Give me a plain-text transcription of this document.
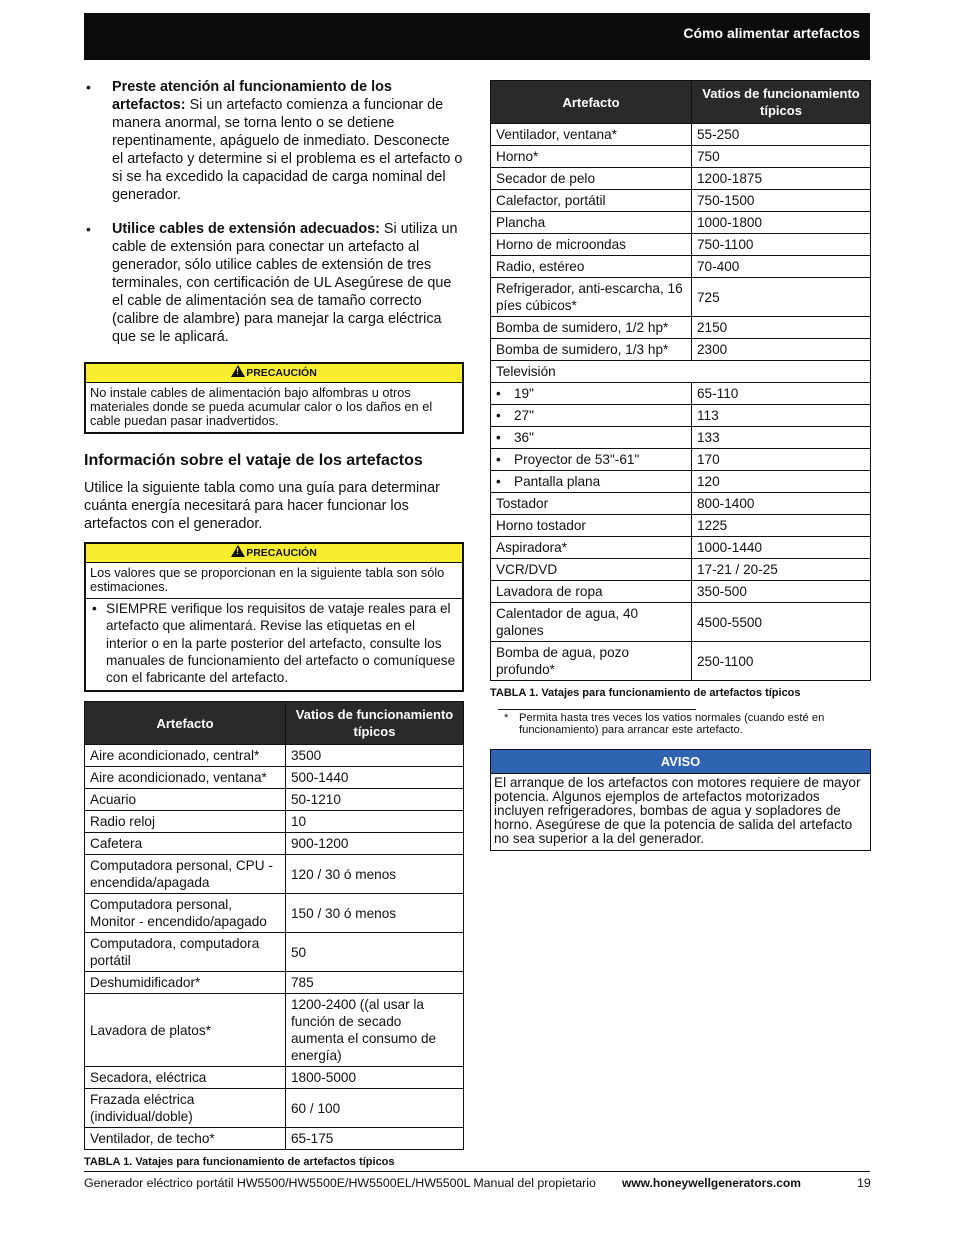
Cómo alimentar artefactos
• Preste atención al funcionamiento de los artefactos: Si un artefacto comienza a funcionar de manera anormal, se torna lento o se detiene repentinamente, apáguelo de inmediato. Desconecte el artefacto y determine si el problema es el artefacto o si se ha excedido la capacidad de carga nominal del generador.
• Utilice cables de extensión adecuados: Si utiliza un cable de extensión para conectar un artefacto al generador, sólo utilice cables de extensión de tres terminales, con certificación de UL Asegúrese de que el cable de alimentación sea de tamaño correcto (calibre de alambre) para manejar la carga eléctrica que se le aplicará.
!PRECAUCIÓN
No instale cables de alimentación bajo alfombras u otros materiales donde se pueda acumular calor o los daños en el cable puedan pasar inadvertidos.
Información sobre el vataje de los artefactos

Utilice la siguiente tabla como una guía para determinar cuánta energía necesitará para hacer funcionar los artefactos con el generador.

!PRECAUCIÓN
Los valores que se proporcionan en la siguiente tabla son sólo estimaciones.
• SIEMPRE verifique los requisitos de vataje reales para el artefacto que alimentará. Revise las etiquetas en el interior o en la parte posterior del artefacto, consulte los manuales de funcionamiento del artefacto o comuníquese con el fabricante del artefacto.
Artefacto	Vatios de funcionamiento típicos
Aire acondicionado, central*	3500
Aire acondicionado, ventana*	500-1440
Acuario	50-1210
Radio reloj	10
Cafetera	900-1200
Computadora personal, CPU - encendida/apagada	120 / 30 ó menos
Computadora personal, Monitor - encendido/apagado	150 / 30 ó menos
Computadora, computadora portátil	50
Deshumidificador*	785
Lavadora de platos*	1200-2400 ((al usar la función de secado aumenta el consumo de energía)
Secadora, eléctrica	1800-5000
Frazada eléctrica (individual/doble)	60 / 100
Ventilador, de techo*	65-175
TABLA 1. Vatajes para funcionamiento de artefactos típicos
Artefacto	Vatios de funcionamiento típicos
Ventilador, ventana*	55-250
Horno*	750
Secador de pelo	1200-1875
Calefactor, portátil	750-1500
Plancha	1000-1800
Horno de microondas	750-1100
Radio, estéreo	70-400
Refrigerador, anti-escarcha, 16 píes cúbicos*	725
Bomba de sumidero, 1/2 hp*	2150
Bomba de sumidero, 1/3 hp*	2300
Televisión	
• 19"	65-110
• 27"	113
• 36"	133
• Proyector de 53"-61"	170
• Pantalla plana	120
Tostador	800-1400
Horno tostador	1225
Aspiradora*	1000-1440
VCR/DVD	17-21 / 20-25
Lavadora de ropa	350-500
Calentador de agua, 40 galones	4500-5500
Bomba de agua, pozo profundo*	250-1100
TABLA 1. Vatajes para funcionamiento de artefactos típicos
* Permita hasta tres veces los vatios normales (cuando esté en funcionamiento) para arrancar este artefacto.
AVISO
El arranque de los artefactos con motores requiere de mayor potencia. Algunos ejemplos de artefactos motorizados incluyen refrigeradores, bombas de agua y sopladores de horno. Asegúrese de que la potencia de salida del artefacto no sea superior a la del generador.
Generador eléctrico portátil HW5500/HW5500E/HW5500EL/HW5500L Manual del propietario www.honeywellgenerators.com	19
